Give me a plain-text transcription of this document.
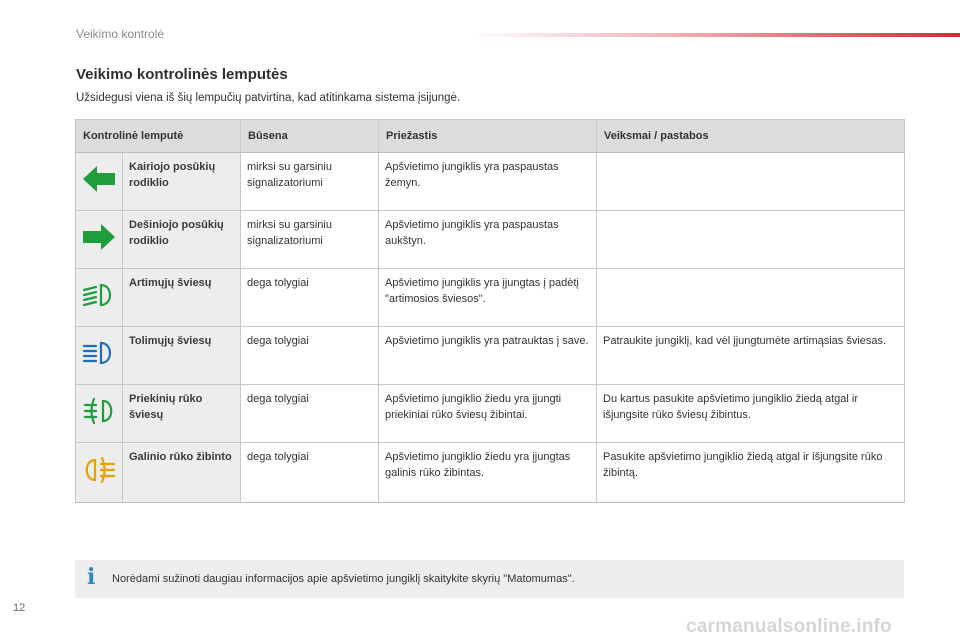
Veikimo kontrolė
Veikimo kontrolinės lemputės

Užsidegusi viena iš šių lempučių patvirtina, kad atitinkama sistema įsijungė.

Kontrolinė lemputė		Būsena	Priežastis	Veiksmai / pastabos
	Kairiojo posūkių rodiklio	mirksi su garsiniu signalizatoriumi	Apšvietimo jungiklis yra paspaustas žemyn.	
	Dešiniojo posūkių rodiklio	mirksi su garsiniu signalizatoriumi	Apšvietimo jungiklis yra paspaustas aukštyn.	
	Artimųjų šviesų	dega tolygiai	Apšvietimo jungiklis yra įjungtas į padėtį "artimosios šviesos".	
	Tolimųjų šviesų	dega tolygiai	Apšvietimo jungiklis yra patrauktas į save.	Patraukite jungiklį, kad vėl įjungtumėte artimąsias šviesas.
	Priekinių rūko šviesų	dega tolygiai	Apšvietimo jungiklio žiedu yra įjungti priekiniai rūko šviesų žibintai.	Du kartus pasukite apšvietimo jungiklio žiedą atgal ir išjungsite rūko šviesų žibintus.
	Galinio rūko žibinto	dega tolygiai	Apšvietimo jungiklio žiedu yra įjungtas galinis rūko žibintas.	Pasukite apšvietimo jungiklio žiedą atgal ir išjungsite rūko žibintą.
i Norėdami sužinoti daugiau informacijos apie apšvietimo jungiklį skaitykite skyrių "Matomumas".
12
carmanualsonline.info
